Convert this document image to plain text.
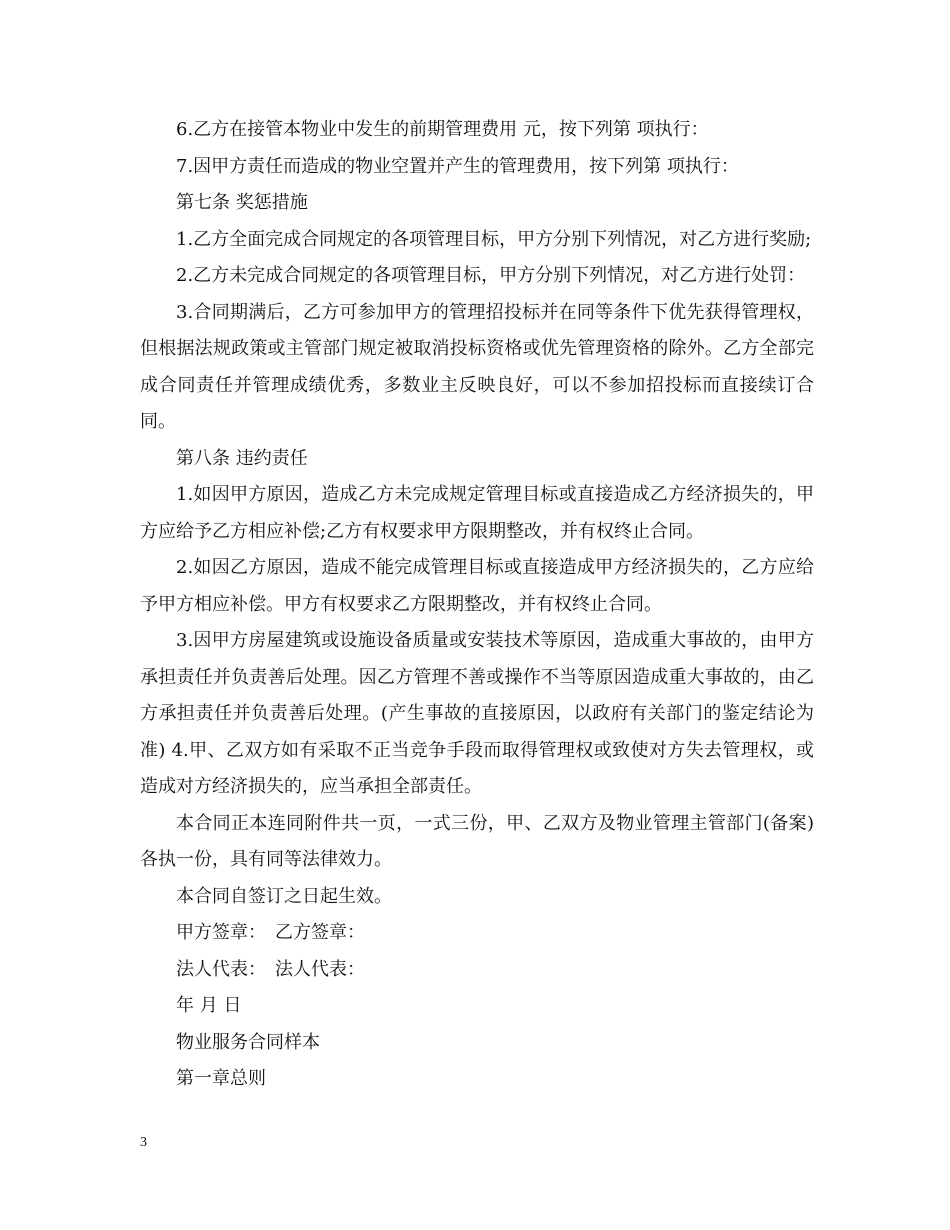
6.乙方在接管本物业中发生的前期管理费用 元，按下列第 项执行：

7.因甲方责任而造成的物业空置并产生的管理费用，按下列第 项执行：

第七条 奖惩措施

1.乙方全面完成合同规定的各项管理目标，甲方分别下列情况，对乙方进行奖励;

2.乙方未完成合同规定的各项管理目标，甲方分别下列情况，对乙方进行处罚：

3.合同期满后，乙方可参加甲方的管理招投标并在同等条件下优先获得管理权，但根据法规政策或主管部门规定被取消投标资格或优先管理资格的除外。乙方全部完成合同责任并管理成绩优秀，多数业主反映良好，可以不参加招投标而直接续订合同。

第八条 违约责任

1.如因甲方原因，造成乙方未完成规定管理目标或直接造成乙方经济损失的，甲方应给予乙方相应补偿;乙方有权要求甲方限期整改，并有权终止合同。

2.如因乙方原因，造成不能完成管理目标或直接造成甲方经济损失的，乙方应给予甲方相应补偿。甲方有权要求乙方限期整改，并有权终止合同。

3.因甲方房屋建筑或设施设备质量或安装技术等原因，造成重大事故的，由甲方承担责任并负责善后处理。因乙方管理不善或操作不当等原因造成重大事故的，由乙方承担责任并负责善后处理。(产生事故的直接原因，以政府有关部门的鉴定结论为准) 4.甲、乙双方如有采取不正当竞争手段而取得管理权或致使对方失去管理权，或造成对方经济损失的，应当承担全部责任。

本合同正本连同附件共一页，一式三份，甲、乙双方及物业管理主管部门(备案)各执一份，具有同等法律效力。

本合同自签订之日起生效。

甲方签章：　乙方签章：

法人代表：　法人代表：

年 月 日

物业服务合同样本

第一章总则

3
